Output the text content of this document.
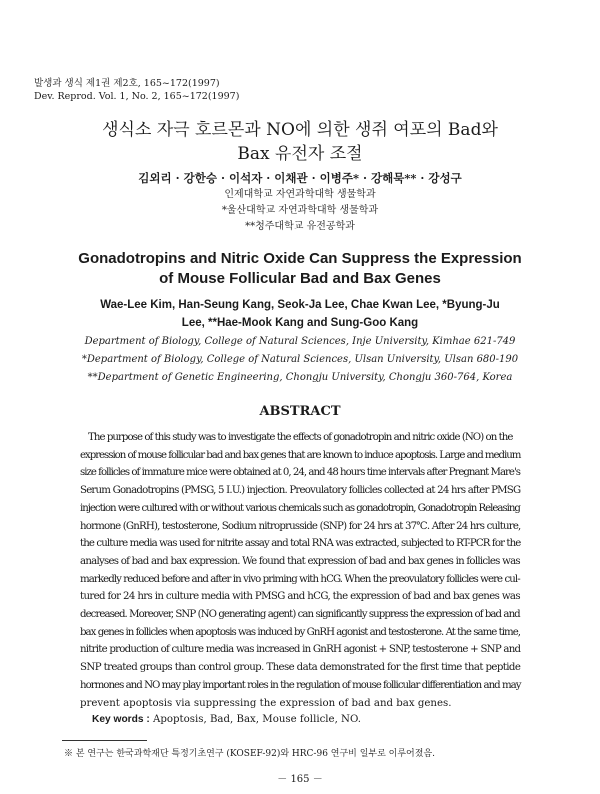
발생과 생식 제1권 제2호, 165~172(1997)
Dev. Reprod. Vol. 1, No. 2, 165~172(1997)
생식소 자극 호르몬과 NO에 의한 생쥐 여포의 Bad와
Bax 유전자 조절
김외리 · 강한승 · 이석자 · 이채관 · 이병주* · 강해묵** · 강성구
인제대학교 자연과학대학 생물학과
*울산대학교 자연과학대학 생물학과
**청주대학교 유전공학과
Gonadotropins and Nitric Oxide Can Suppress the Expression
of Mouse Follicular Bad and Bax Genes
Wae-Lee Kim, Han-Seung Kang, Seok-Ja Lee, Chae Kwan Lee, *Byung-Ju
Lee, **Hae-Mook Kang and Sung-Goo Kang
Department of Biology, College of Natural Sciences, Inje University, Kimhae 621-749
*Department of Biology, College of Natural Sciences, Ulsan University, Ulsan 680-190
**Department of Genetic Engineering, Chongju University, Chongju 360-764, Korea
ABSTRACT
The purpose of this study was to investigate the effects of gonadotropin and nitric oxide (NO) on the
expression of mouse follicular bad and bax genes that are known to induce apoptosis. Large and medium
size follicles of immature mice were obtained at 0, 24, and 48 hours time intervals after Pregnant Mare's
Serum Gonadotropins (PMSG, 5 I.U.) injection. Preovulatory follicles collected at 24 hrs after PMSG
injection were cultured with or without various chemicals such as gonadotropin, Gonadotropin Releasing
hormone (GnRH), testosterone, Sodium nitroprusside (SNP) for 24 hrs at 37℃. After 24 hrs culture,
the culture media was used for nitrite assay and total RNA was extracted, subjected to RT-PCR for the
analyses of bad and bax expression. We found that expression of bad and bax genes in follicles was
markedly reduced before and after in vivo priming with hCG. When the preovulatory follicles were cul-
tured for 24 hrs in culture media with PMSG and hCG, the expression of bad and bax genes was
decreased. Moreover, SNP (NO generating agent) can significantly suppress the expression of bad and
bax genes in follicles when apoptosis was induced by GnRH agonist and testosterone. At the same time,
nitrite production of culture media was increased in GnRH agonist + SNP, testosterone + SNP and
SNP treated groups than control group. These data demonstrated for the first time that peptide
hormones and NO may play important roles in the regulation of mouse follicular differentiation and may
prevent apoptosis via suppressing the expression of bad and bax genes.
Key words : Apoptosis, Bad, Bax, Mouse follicle, NO.
※ 본 연구는 한국과학재단 특정기초연구 (KOSEF-92)와 HRC-96 연구비 일부로 이루어졌음.
－ 165 －
